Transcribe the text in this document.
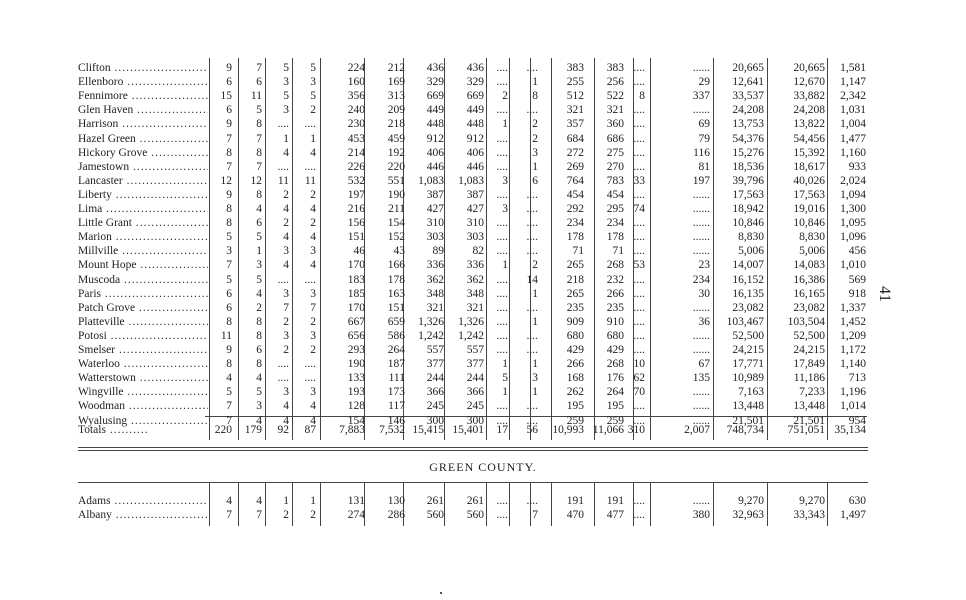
Clifton .....	9 7 5 5	224 212 436 436 .... ....	383 383 ....	...... 20,665	20,665 1,581
Ellenboro .....	6 6 3 3	160 169 329 329 .... 1	255 256 ....	29 12,641	12,670 1,147
Fennimore .....	15 11 5 5	356 313 669 669 2 8	512 522 8	337 33,537	33,882 2,342
Glen Haven .....	6 5 3 2	240 209 449 449 .... ....	321 321 ....	...... 24,208	24,208 1,031
Harrison .....	9 8 .... ....	230 218 448 448 1 2	357 360 ....	69 13,753	13,822 1,004
Hazel Green .....	7 7 1 1	453 459 912 912 .... 2	684 686 ....	79 54,376	54,456 1,477
Hickory Grove .....	8 8 4 4	214 192 406 406 .... 3	272 275 ....	116 15,276	15,392 1,160
Jamestown .....	7 7 .... ....	226 220 446 446 .... 1	269 270 ....	81 18,536	18,617 933
Lancaster .....	12 12 11 11	532 551 1,083 1,083 3 6	764 783 33	197 39,796	40,026 2,024
Liberty .....	9 8 2 2	197 190 387 387 .... ....	454 454 ....	...... 17,563	17,563 1,094
Lima .....	8 4 4 4	216 211 427 427 3 ....	292 295 74	...... 18,942	19,016 1,300
Little Grant .....	8 6 2 2	156 154 310 310 .... ....	234 234 ....	...... 10,846	10,846 1,095
Marion .....	5 5 4 4	151 152 303 303 .... ....	178 178 ....	...... 8,830	8,830 1,096
Millville .....	3 1 3 3	46 43 89 82 .... ....	71 71 ....	...... 5,006	5,006 456
Mount Hope .....	7 3 4 4	170 166 336 336 1 2	265 268 53	23 14,007	14,083 1,010
Muscoda .....	5 5 .... ....	183 178 362 362 .... 14	218 232 ....	234 16,152	16,386 569
Paris .....	6 4 3 3	185 163 348 348 .... 1	265 266 ....	30 16,135	16,165 918
Patch Grove .....	6 2 7 7	170 151 321 321 .... ....	235 235 ....	...... 23,082	23,082 1,337
Platteville .....	8 8 2 2	667 659 1,326 1,326 .... 1	909 910 ....	36 103,467 103,504 1,452
Potosi .....	11 8 3 3	656 586 1,242 1,242 .... ....	680 680 ....	...... 52,500	52,500 1,209
Smelser .....	9 6 2 2	293 264 557 557 .... ....	429 429 ....	...... 24,215	24,215 1,172
Waterloo .....	8 8 .... ....	190 187 377 377 1 1	266 268 10	67 17,771	17,849 1,140
Watterstown .....	4 4 .... ....	133 111 244 244 5 3	168 176 62	135 10,989	11,186 713
Wingville .....	5 5 3 3	193 173 366 366 1 1	262 264 70	...... 7,163	7,233 1,196
Woodman .....	7 3 4 4	128 117 245 245 .... ....	195 195 ....	...... 13,448	13,448 1,014
Wyalusing .....	7 4 4 4	154 146 300 300 .... ....	259 259 ....	...... 21,501	21,501 954
Totals .....	220 179 92 87 7,883 7,532 15,415 15,401 17 56 10,993 11,066 310	2,007 748,734 751,051 35,134
GREEN COUNTY.
Adams .....	4 4 1 1	131 130 261 261 .... ....	191 191 ....	...... 9,270	9,270 630
Albany .....	7 7 2 2	274 286 560 560 .... 7	470 477 ....	380 32,963	33,343 1,497
41
